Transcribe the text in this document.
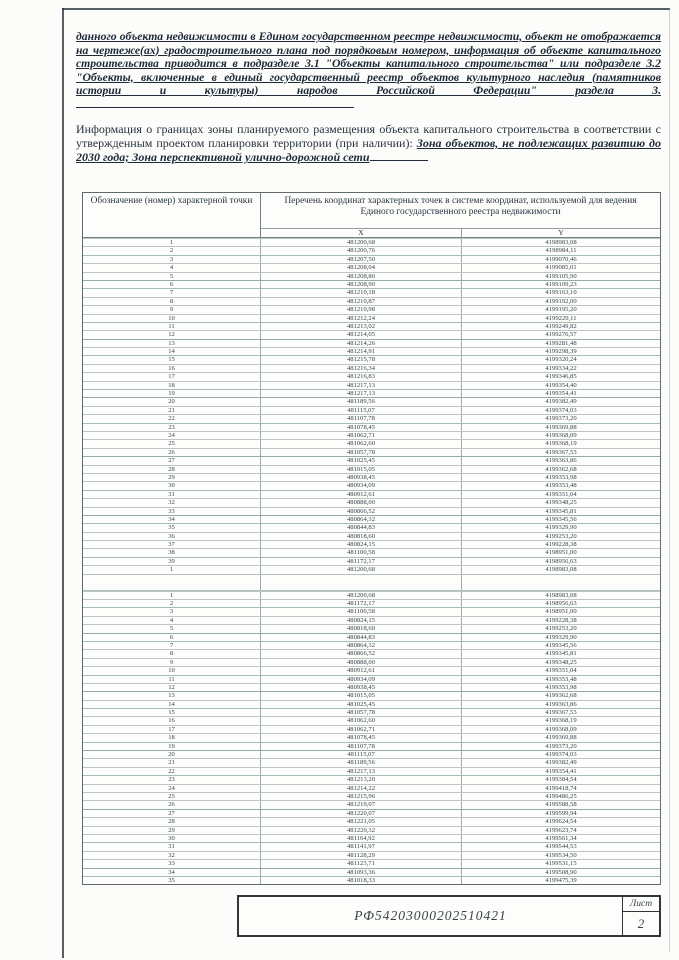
данного объекта недвижимости в Едином государственном реестре недвижимости, объект не отображается на чертеже(ах) градостроительного плана под порядковым номером, информация об объекте капитального строительства приводится в подразделе 3.1 "Объекты капитального строительства" или подразделе 3.2 "Объекты, включенные в единый государственный реестр объектов культурного наследия (памятников истории и культуры) народов Российской Федерации" раздела 3.

Информация о границах зоны планируемого размещения объекта капитального строительства в соответствии с утвержденным проектом планировки территории (при наличии): Зона объектов, не подлежащих развитию до 2030 года; Зона перспективной улично-дорожной сети

Обозначение (номер) характерной точки	Перечень координат характерных точек в системе координат, используемой для ведения Единого государственного реестра недвижимости
X	Y
1	481200,68	4198983,08
2	481200,76	4198984,11
3	481207,50	4199070,46
4	481208,04	4199085,01
5	481208,80	4199105,90
6	481208,90	4199109,23
7	481210,18	4199163,10
8	481210,87	4199192,00
9	481210,98	4199195,20
10	481212,24	4199229,11
11	481213,02	4199249,82
12	481214,05	4199276,57
13	481214,26	4199281,48
14	481214,91	4199298,39
15	481215,78	4199320,24
16	481216,34	4199334,22
17	481216,83	4199346,85
18	481217,13	4199354,40
19	481217,13	4199354,41
20	481189,56	4199382,49
21	481115,07	4199374,03
22	481107,78	4199373,20
23	481078,45	4199369,88
24	481062,71	4199368,09
25	481062,60	4199368,19
26	481057,78	4199367,53
27	481025,45	4199363,86
28	481015,05	4199362,68
29	480938,45	4199353,98
30	480934,09	4199353,48
31	480912,61	4199351,04
32	480888,00	4199348,25
33	480866,52	4199345,81
34	480864,32	4199345,56
35	480844,83	4199329,90
36	480818,60	4199253,20
37	480824,15	4199228,38
38	481100,58	4198951,00
39	481172,17	4198956,63
1	481200,68	4198983,08
1	481200,68	4198983,08
2	481172,17	4198956,63
3	481100,58	4198951,00
4	480824,15	4199228,38
5	480818,60	4199253,20
6	480844,83	4199329,90
7	480864,32	4199345,56
8	480866,52	4199345,81
9	480888,00	4199348,25
10	480912,61	4199351,04
11	480934,09	4199353,48
12	480938,45	4199353,98
13	481015,05	4199362,68
14	481025,45	4199363,86
15	481057,78	4199367,53
16	481062,60	4199368,19
17	481062,71	4199368,09
18	481078,45	4199369,88
19	481107,78	4199373,20
20	481115,07	4199374,03
21	481189,56	4199382,49
22	481217,13	4199354,41
23	481213,20	4199384,54
24	481214,22	4199418,74
25	481215,96	4199486,25
26	481219,07	4199588,58
27	481220,07	4199599,94
28	481221,05	4199624,54
29	481220,32	4199623,74
30	481164,92	4199561,34
31	481141,97	4199544,53
32	481128,29	4199534,50
33	481123,71	4199531,15
34	481093,36	4199508,90
35	481018,33	4199475,39
РФ54203000202510421
Лист
2
